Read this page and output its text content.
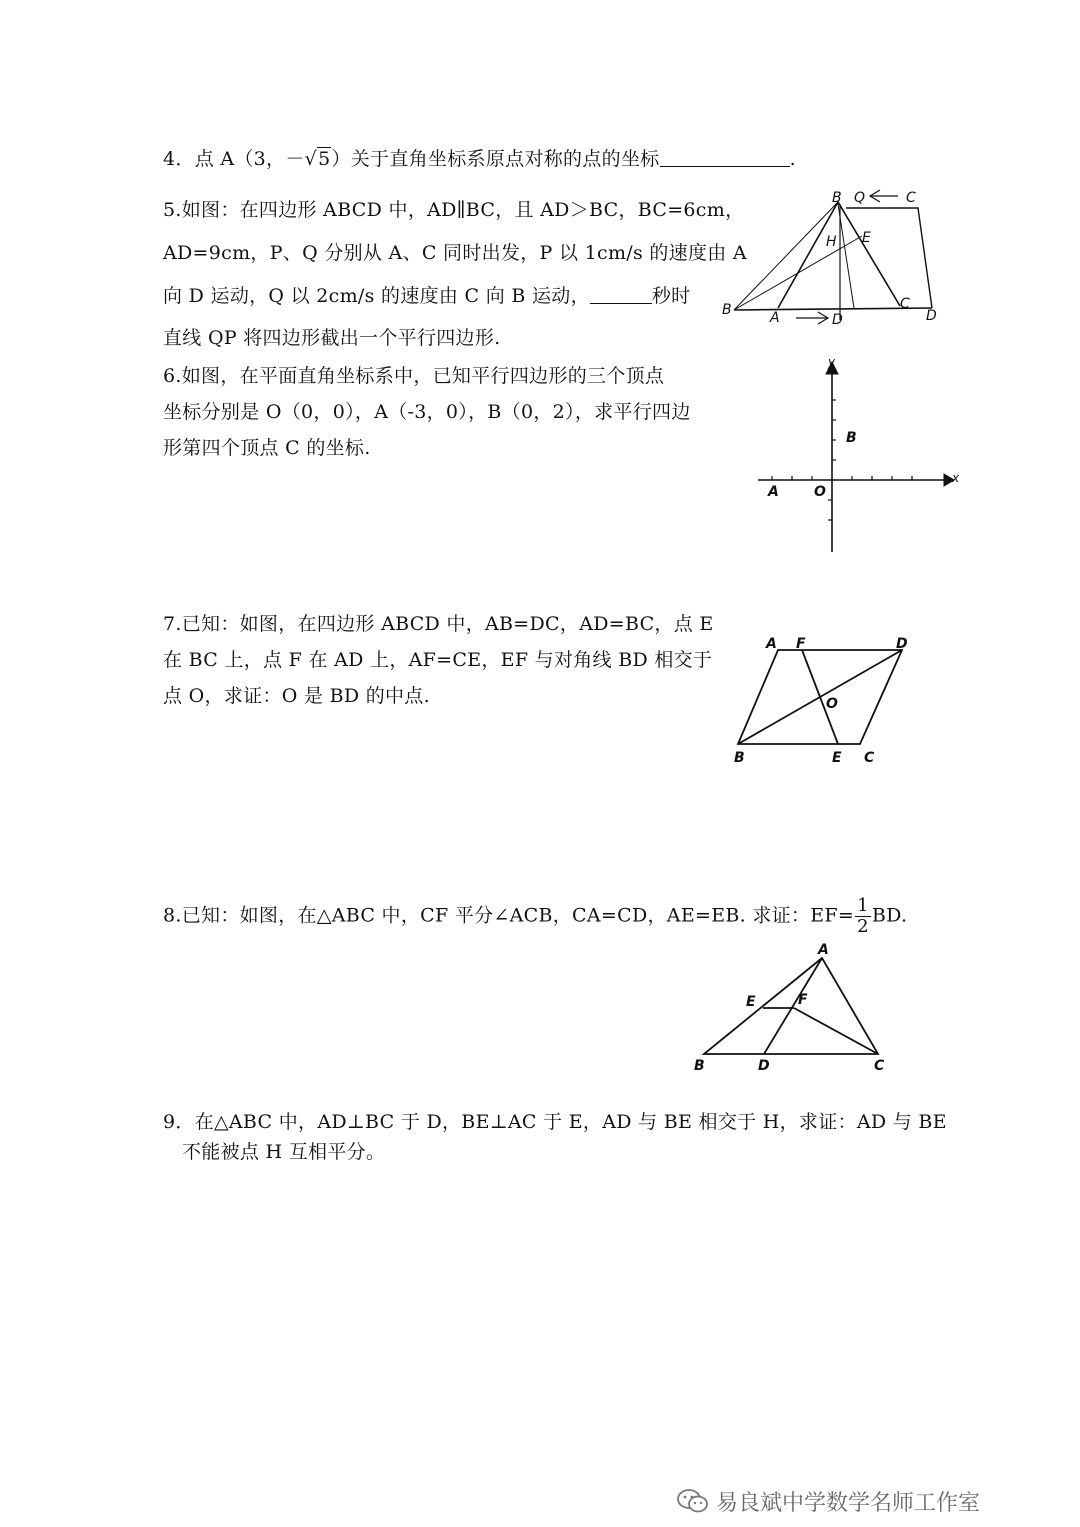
4．点 A（3，－√5）关于直角坐标系原点对称的点的坐标	.
5.如图：在四边形 ABCD 中，AD∥BC，且 AD＞BC，BC=6cm，
AD=9cm，P、Q 分别从 A、C 同时出发，P 以 1cm/s 的速度由 A
向 D 运动，Q 以 2cm/s 的速度由 C 向 B 运动，	秒时
直线 QP 将四边形截出一个平行四边形.
B Q	C
H E
B	A	D
C
D
6.如图，在平面直角坐标系中，已知平行四边形的三个顶点
坐标分别是 O（0，0），A（-3，0），B（0，2），求平行四边
形第四个顶点 C 的坐标.
y
x
B
A	O
7.已知：如图，在四边形 ABCD 中，AB=DC，AD=BC，点 E
在 BC 上，点 F 在 AD 上，AF=CE，EF 与对角线 BD 相交于
点 O，求证：O 是 BD 的中点.
A F	D
O
B	E C
8.已知：如图，在△ABC 中，CF 平分∠ACB，CA=CD，AE=EB. 求证：$EF= \frac{1}{2}$ BD.
A
E	F
B	D	C
9．在△ABC 中，AD⊥BC 于 D，BE⊥AC 于 E，AD 与 BE 相交于 H，求证：AD 与 BE
不能被点 H 互相平分。
易良斌中学数学名师工作室
